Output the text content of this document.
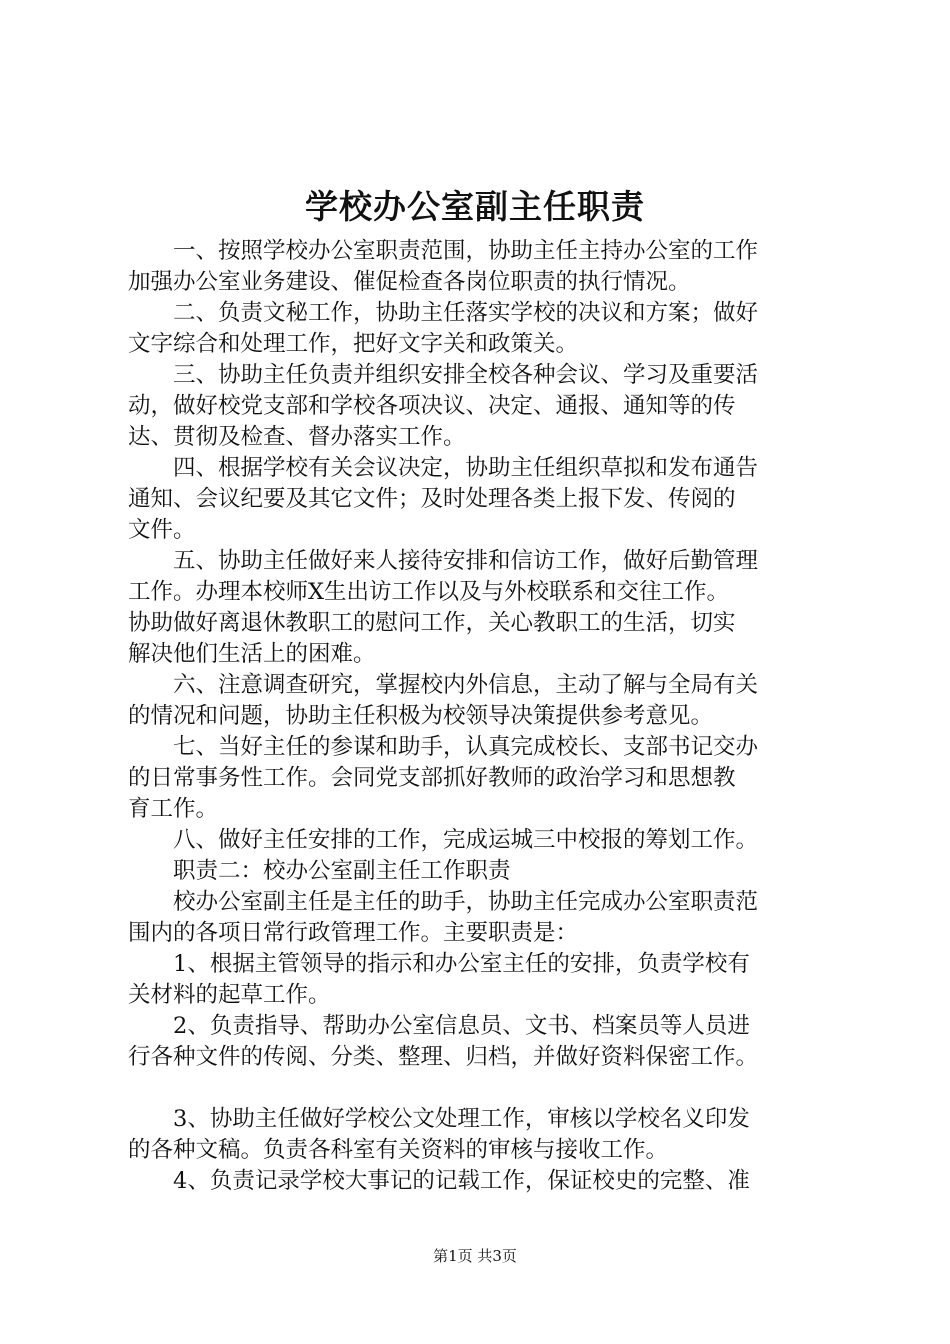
学校办公室副主任职责
一、按照学校办公室职责范围，协助主任主持办公室的工作
加强办公室业务建设、催促检查各岗位职责的执行情况。
二、负责文秘工作，协助主任落实学校的决议和方案；做好
文字综合和处理工作，把好文字关和政策关。
三、协助主任负责并组织安排全校各种会议、学习及重要活
动，做好校党支部和学校各项决议、决定、通报、通知等的传
达、贯彻及检查、督办落实工作。
四、根据学校有关会议决定，协助主任组织草拟和发布通告
通知、会议纪要及其它文件；及时处理各类上报下发、传阅的
文件。
五、协助主任做好来人接待安排和信访工作，做好后勤管理
工作。办理本校师X生出访工作以及与外校联系和交往工作。
协助做好离退休教职工的慰问工作，关心教职工的生活，切实
解决他们生活上的困难。
六、注意调查研究，掌握校内外信息，主动了解与全局有关
的情况和问题，协助主任积极为校领导决策提供参考意见。
七、当好主任的参谋和助手，认真完成校长、支部书记交办
的日常事务性工作。会同党支部抓好教师的政治学习和思想教
育工作。
八、做好主任安排的工作，完成运城三中校报的筹划工作。
职责二：校办公室副主任工作职责
校办公室副主任是主任的助手，协助主任完成办公室职责范
围内的各项日常行政管理工作。主要职责是：
1、根据主管领导的指示和办公室主任的安排，负责学校有
关材料的起草工作。
2、负责指导、帮助办公室信息员、文书、档案员等人员进
行各种文件的传阅、分类、整理、归档，并做好资料保密工作。
3、协助主任做好学校公文处理工作，审核以学校名义印发
的各种文稿。负责各科室有关资料的审核与接收工作。
4、负责记录学校大事记的记载工作，保证校史的完整、准
第1页 共3页
